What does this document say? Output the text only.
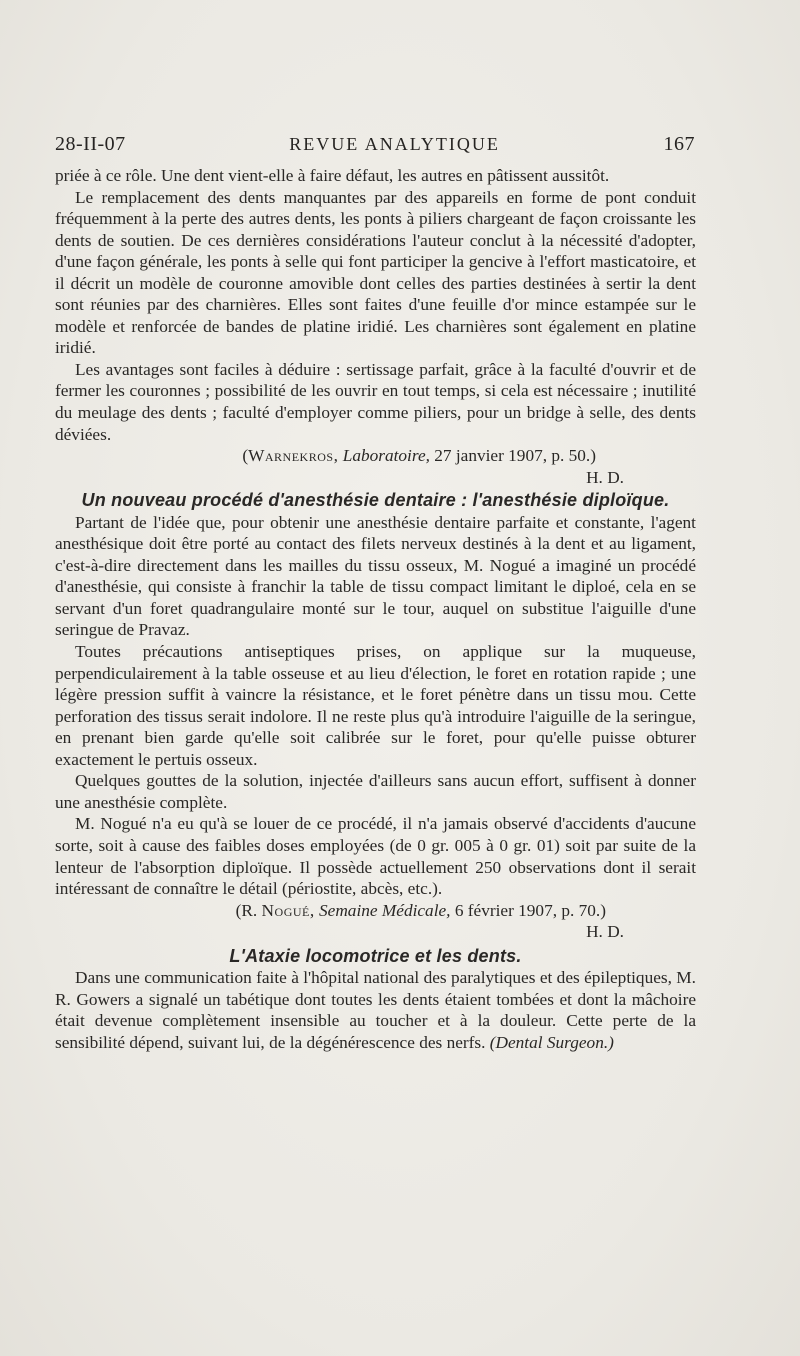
28-II-07	REVUE ANALYTIQUE	167

priée à ce rôle. Une dent vient-elle à faire défaut, les autres en pâtissent aussitôt.

Le remplacement des dents manquantes par des appareils en forme de pont conduit fréquemment à la perte des autres dents, les ponts à piliers chargeant de façon croissante les dents de soutien. De ces dernières considérations l'auteur conclut à la nécessité d'adopter, d'une façon générale, les ponts à selle qui font participer la gencive à l'effort masticatoire, et il décrit un modèle de couronne amovible dont celles des parties destinées à sertir la dent sont réunies par des charnières. Elles sont faites d'une feuille d'or mince estampée sur le modèle et renforcée de bandes de platine iridié. Les charnières sont également en platine iridié.

Les avantages sont faciles à déduire : sertissage parfait, grâce à la faculté d'ouvrir et de fermer les couronnes ; possibilité de les ouvrir en tout temps, si cela est nécessaire ; inutilité du meulage des dents ; faculté d'employer comme piliers, pour un bridge à selle, des dents déviées.

(Warnekros, Laboratoire, 27 janvier 1907, p. 50.)

H. D.

Un nouveau procédé d'anesthésie dentaire : l'anesthésie diploïque.

Partant de l'idée que, pour obtenir une anesthésie dentaire parfaite et constante, l'agent anesthésique doit être porté au contact des filets nerveux destinés à la dent et au ligament, c'est-à-dire directement dans les mailles du tissu osseux, M. Nogué a imaginé un procédé d'anesthésie, qui consiste à franchir la table de tissu compact limitant le diploé, cela en se servant d'un foret quadrangulaire monté sur le tour, auquel on substitue l'aiguille d'une seringue de Pravaz.

Toutes précautions antiseptiques prises, on applique sur la muqueuse, perpendiculairement à la table osseuse et au lieu d'élection, le foret en rotation rapide ; une légère pression suffit à vaincre la résistance, et le foret pénètre dans un tissu mou. Cette perforation des tissus serait indolore. Il ne reste plus qu'à introduire l'aiguille de la seringue, en prenant bien garde qu'elle soit calibrée sur le foret, pour qu'elle puisse obturer exactement le pertuis osseux.

Quelques gouttes de la solution, injectée d'ailleurs sans aucun effort, suffisent à donner une anesthésie complète.

M. Nogué n'a eu qu'à se louer de ce procédé, il n'a jamais observé d'accidents d'aucune sorte, soit à cause des faibles doses employées (de 0 gr. 005 à 0 gr. 01) soit par suite de la lenteur de l'absorption diploïque. Il possède actuellement 250 observations dont il serait intéressant de connaître le détail (périostite, abcès, etc.).

(R. Nogué, Semaine Médicale, 6 février 1907, p. 70.)

H. D.

L'Ataxie locomotrice et les dents.

Dans une communication faite à l'hôpital national des paralytiques et des épileptiques, M. R. Gowers a signalé un tabétique dont toutes les dents étaient tombées et dont la mâchoire était devenue complètement insensible au toucher et à la douleur. Cette perte de la sensibilité dépend, suivant lui, de la dégénérescence des nerfs. (Dental Surgeon.)
